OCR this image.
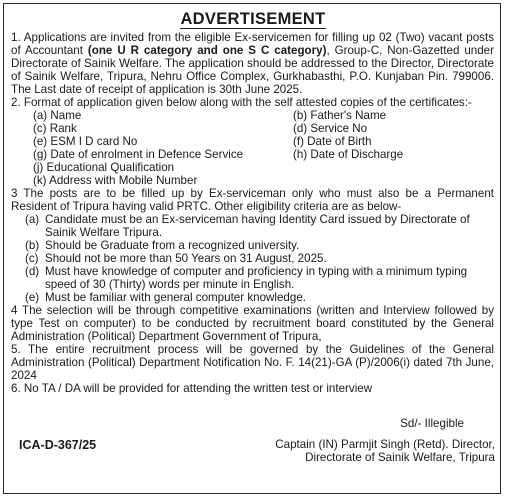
ADVERTISEMENT

1. Applications are invited from the eligible Ex-servicemen for filling up 02 (Two) vacant posts of Accountant (one U R category and one S C category), Group-C, Non-Gazetted under Directorate of Sainik Welfare. The application should be addressed to the Director, Directorate of Sainik Welfare, Tripura, Nehru Office Complex, Gurkhabasthi, P.O. Kunjaban Pin. 799006. The Last date of receipt of application is 30th June 2025.

2. Format of application given below along with the self attested copies of the certificates:-

(a) Name	(b) Father's Name
(c) Rank	(d) Service No
(e) ESM I D card No	(f) Date of Birth
(g) Date of enrolment in Defence Service	(h) Date of Discharge
(j) Educational Qualification
(k) Address with Mobile Number

3 The posts are to be filled up by Ex-serviceman only who must also be a Permanent Resident of Tripura having valid PRTC. Other eligibility criteria are as below-

(a) Candidate must be an Ex-serviceman having Identity Card issued by Directorate of Sainik Welfare Tripura.
(b) Should be Graduate from a recognized university.
(c) Should not be more than 50 Years on 31 August, 2025.
(d) Must have knowledge of computer and proficiency in typing with a minimum typing speed of 30 (Thirty) words per minute in English.
(e) Must be familiar with general computer knowledge.

4 The selection will be through competitive examinations (written and Interview followed by type Test on computer) to be conducted by recruitment board constituted by the General Administration (Political) Department Government of Tripura,

5. The entire recruitment process will be governed by the Guidelines of the General Administration (Political) Department Notification No. F. 14(21)-GA (P)/2006(i) dated 7th June, 2024

6. No TA / DA will be provided for attending the written test or interview

Sd/- Illegible
ICA-D-367/25	Captain (IN) Parmjit Singh (Retd). Director,
Directorate of Sainik Welfare, Tripura
